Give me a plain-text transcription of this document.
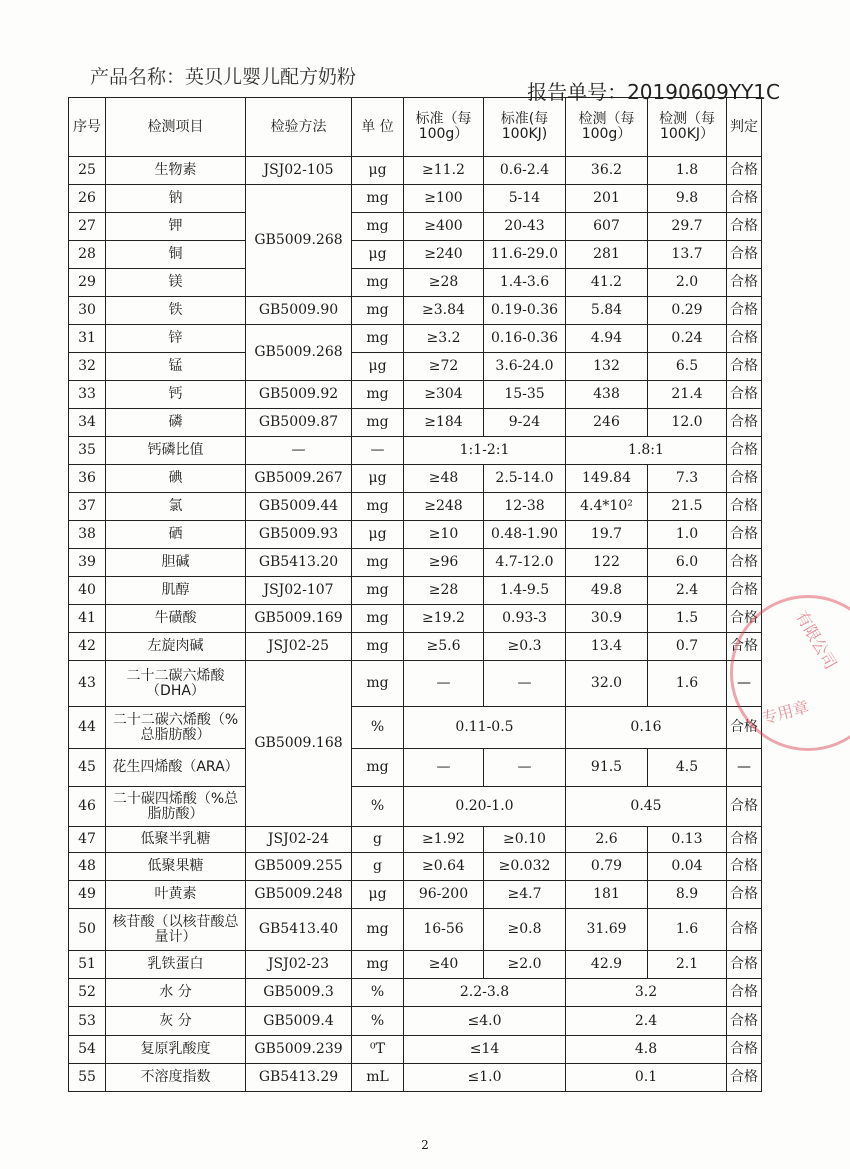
产品名称：英贝儿婴儿配方奶粉
报告单号：20190609YY1C
序号	检测项目	检验方法	单 位	标准（每100g）	标准(每100KJ)	检测（每100g）	检测（每100KJ）	判定
25	生物素	JSJ02-105	μg	≥11.2	0.6-2.4	36.2	1.8	合格
26	钠	GB5009.268	mg	≥100	5-14	201	9.8	合格
27	钾		mg	≥400	20-43	607	29.7	合格
28	铜		μg	≥240	11.6-29.0	281	13.7	合格
29	镁		mg	≥28	1.4-3.6	41.2	2.0	合格
30	铁	GB5009.90	mg	≥3.84	0.19-0.36	5.84	0.29	合格
31	锌	GB5009.268	mg	≥3.2	0.16-0.36	4.94	0.24	合格
32	锰		μg	≥72	3.6-24.0	132	6.5	合格
33	钙	GB5009.92	mg	≥304	15-35	438	21.4	合格
34	磷	GB5009.87	mg	≥184	9-24	246	12.0	合格
35	钙磷比值	—	—	1:1-2:1		1.8:1		合格
36	碘	GB5009.267	μg	≥48	2.5-14.0	149.84	7.3	合格
37	氯	GB5009.44	mg	≥248	12-38	4.4*10²	21.5	合格
38	硒	GB5009.93	μg	≥10	0.48-1.90	19.7	1.0	合格
39	胆碱	GB5413.20	mg	≥96	4.7-12.0	122	6.0	合格
40	肌醇	JSJ02-107	mg	≥28	1.4-9.5	49.8	2.4	合格
41	牛磺酸	GB5009.169	mg	≥19.2	0.93-3	30.9	1.5	合格
42	左旋肉碱	JSJ02-25	mg	≥5.6	≥0.3	13.4	0.7	合格
43	二十二碳六烯酸（DHA）	GB5009.168	mg	—	—	32.0	1.6	—
44	二十二碳六烯酸（%总脂肪酸）		%	0.11-0.5		0.16		合格
45	花生四烯酸（ARA）		mg	—	—	91.5	4.5	—
46	二十碳四烯酸（%总脂肪酸）		%	0.20-1.0		0.45		合格
47	低聚半乳糖	JSJ02-24	g	≥1.92	≥0.10	2.6	0.13	合格
48	低聚果糖	GB5009.255	g	≥0.64	≥0.032	0.79	0.04	合格
49	叶黄素	GB5009.248	μg	96-200	≥4.7	181	8.9	合格
50	核苷酸（以核苷酸总量计）	GB5413.40	mg	16-56	≥0.8	31.69	1.6	合格
51	乳铁蛋白	JSJ02-23	mg	≥40	≥2.0	42.9	2.1	合格
52	水 分	GB5009.3	%	2.2-3.8		3.2		合格
53	灰 分	GB5009.4	%	≤4.0		2.4		合格
54	复原乳酸度	GB5009.239	⁰T	≤14		4.8		合格
55	不溶度指数	GB5413.29	mL	≤1.0		0.1		合格
有限公司
专用章
2
